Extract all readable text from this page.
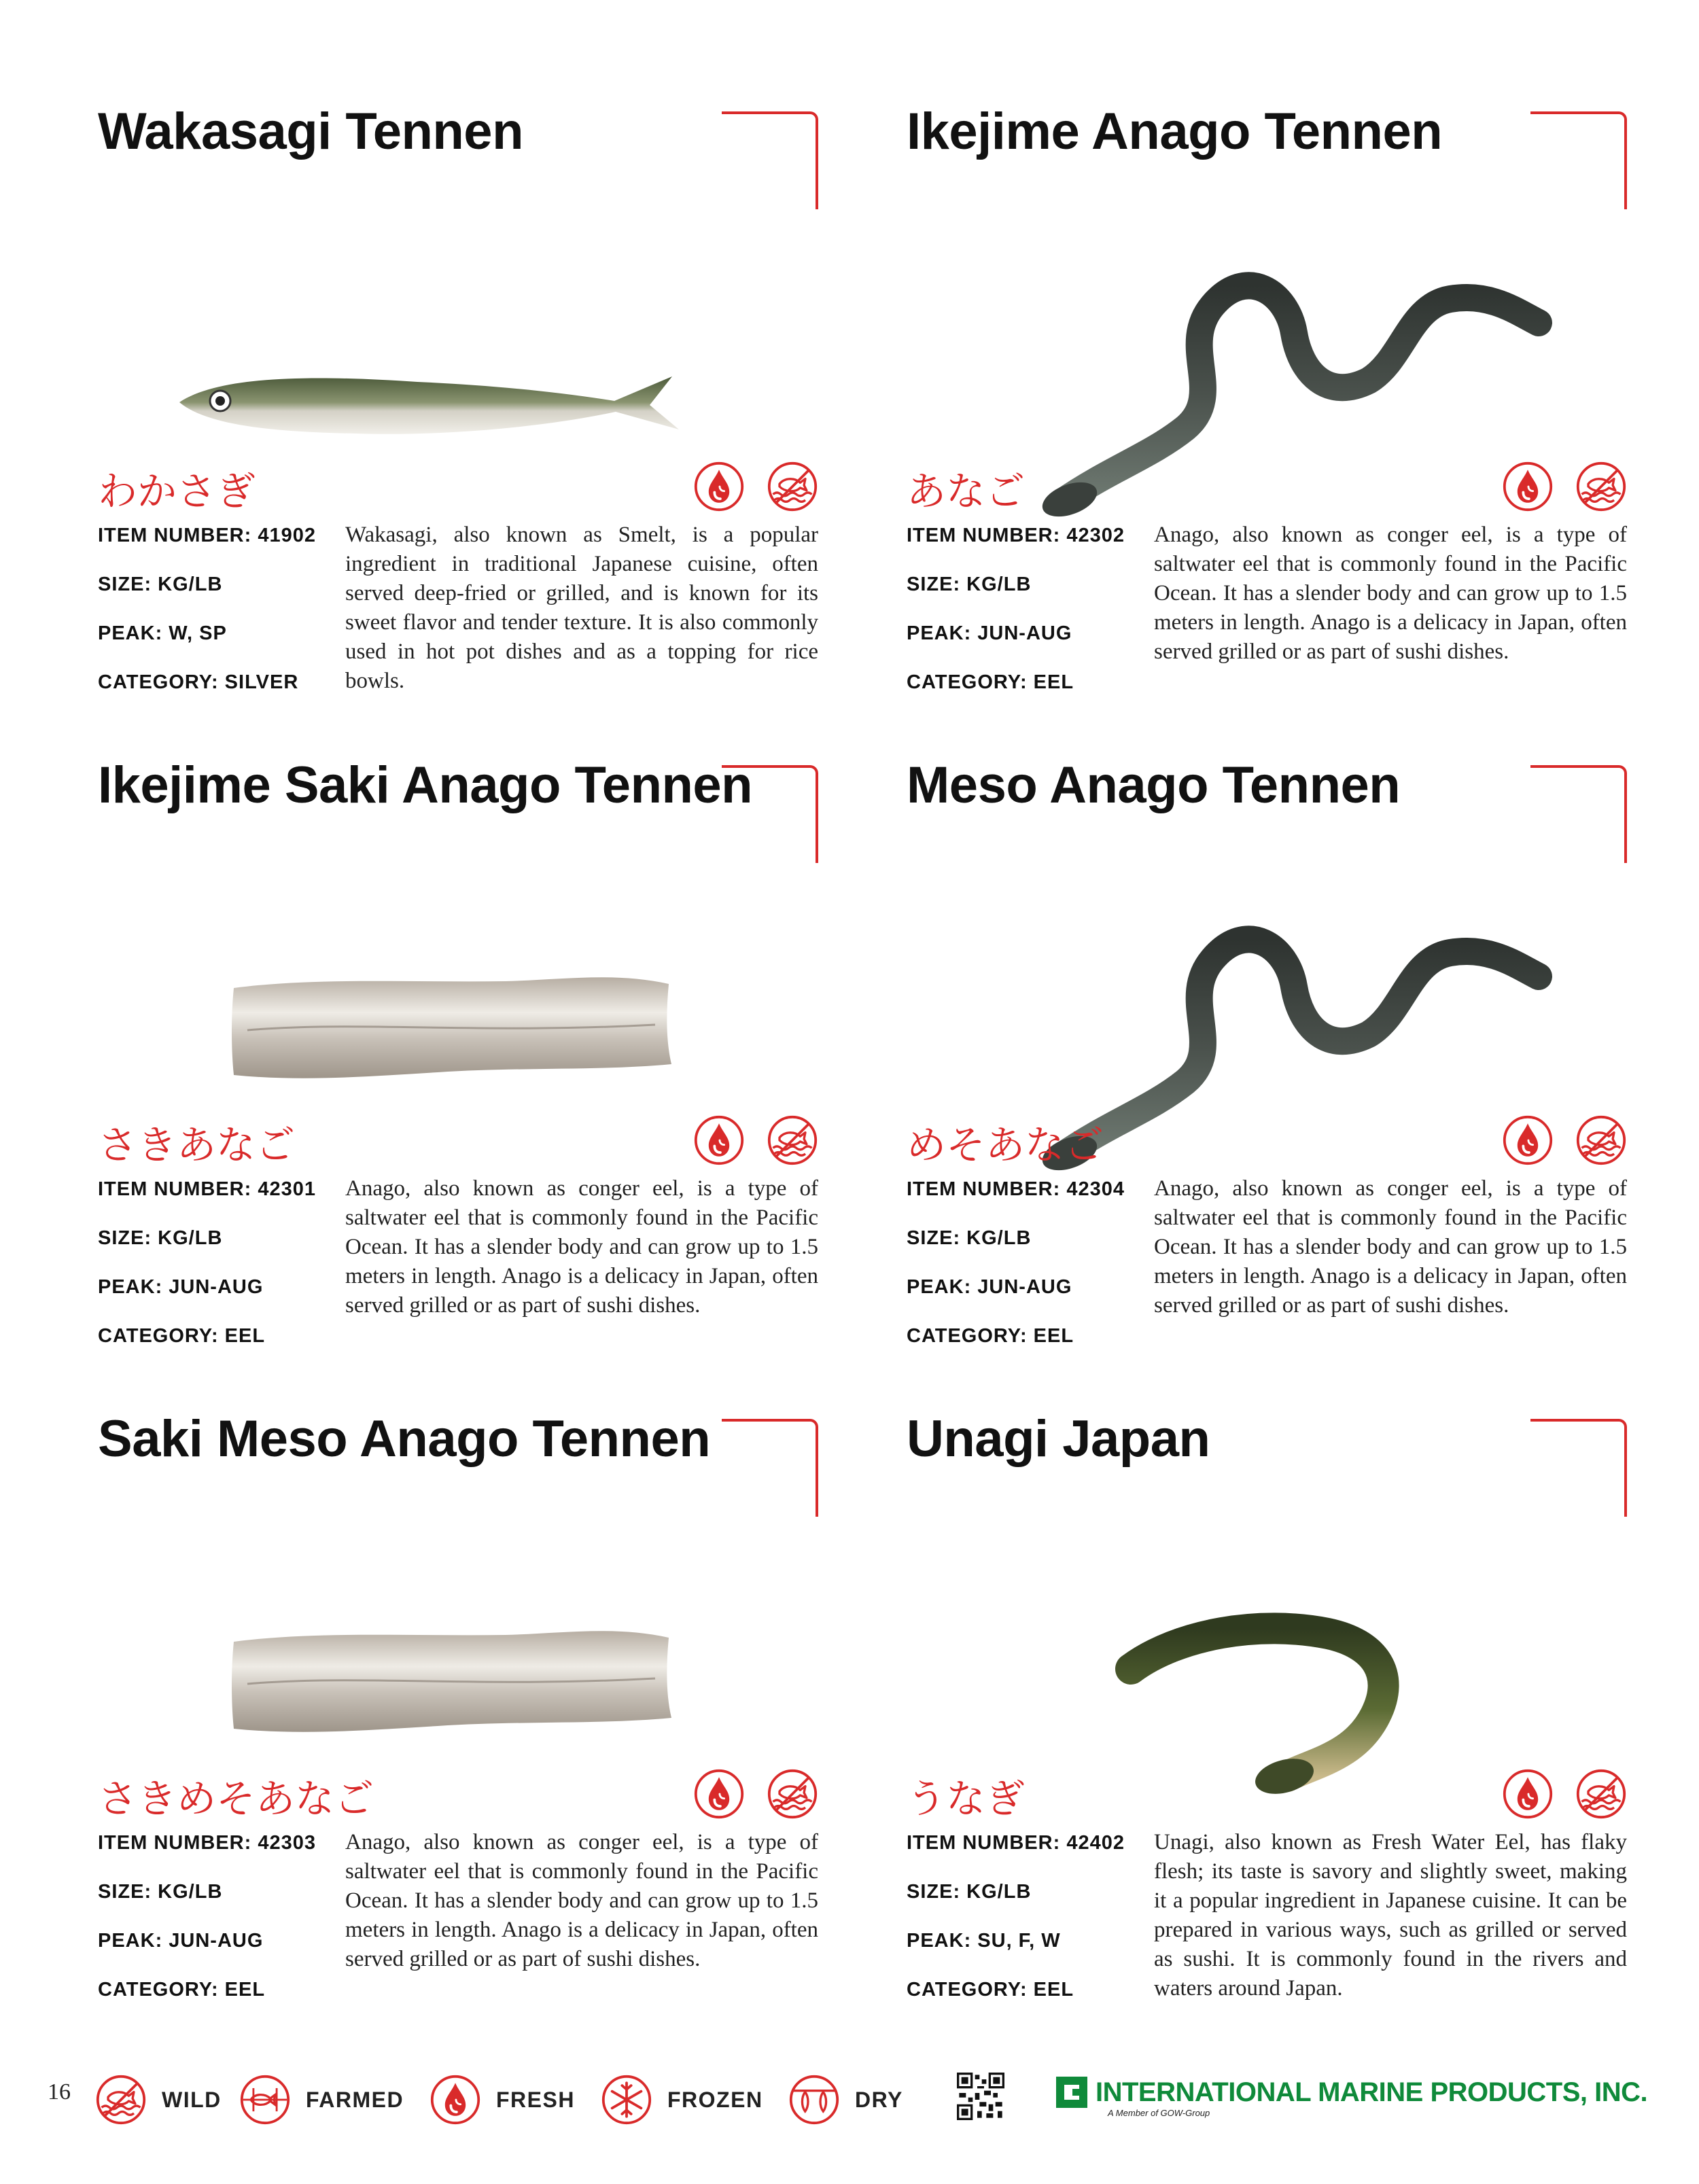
Wakasagi Tennen
わかさぎ
ITEM NUMBER: 41902
SIZE: KG/LB
PEAK: W, SP
CATEGORY: SILVER

Wakasagi, also known as Smelt, is a popular ingredient in traditional Japanese cuisine, often served deep-fried or grilled, and is known for its sweet flavor and tender texture. It is also commonly used in hot pot dishes and as a topping for rice bowls.

Ikejime Anago Tennen
あなご
ITEM NUMBER: 42302
SIZE: KG/LB
PEAK: JUN-AUG
CATEGORY: EEL

Anago, also known as conger eel, is a type of saltwater eel that is commonly found in the Pacific Ocean. It has a slender body and can grow up to 1.5 meters in length. Anago is a delicacy in Japan, often served grilled or as part of sushi dishes.

Ikejime Saki Anago Tennen
さきあなご
ITEM NUMBER: 42301
SIZE: KG/LB
PEAK: JUN-AUG
CATEGORY: EEL

Anago, also known as conger eel, is a type of saltwater eel that is commonly found in the Pacific Ocean. It has a slender body and can grow up to 1.5 meters in length. Anago is a delicacy in Japan, often served grilled or as part of sushi dishes.

Meso Anago Tennen
めそあなご
ITEM NUMBER: 42304
SIZE: KG/LB
PEAK: JUN-AUG
CATEGORY: EEL

Anago, also known as conger eel, is a type of saltwater eel that is commonly found in the Pacific Ocean. It has a slender body and can grow up to 1.5 meters in length. Anago is a delicacy in Japan, often served grilled or as part of sushi dishes.

Saki Meso Anago Tennen
さきめそあなご
ITEM NUMBER: 42303
SIZE: KG/LB
PEAK: JUN-AUG
CATEGORY: EEL

Anago, also known as conger eel, is a type of saltwater eel that is commonly found in the Pacific Ocean. It has a slender body and can grow up to 1.5 meters in length. Anago is a delicacy in Japan, often served grilled or as part of sushi dishes.

Unagi Japan
うなぎ
ITEM NUMBER: 42402
SIZE: KG/LB
PEAK: SU, F, W
CATEGORY: EEL

Unagi, also known as Fresh Water Eel, has flaky flesh; its taste is savory and slightly sweet, making it a popular ingredient in Japanese cuisine. It can be prepared in various ways, such as grilled or served as sushi. It is commonly found in the rivers and waters around Japan.

16	WILD	FARMED	FRESH	FROZEN	DRY	INTERNATIONAL MARINE PRODUCTS, INC.
A Member of GOW-Group
